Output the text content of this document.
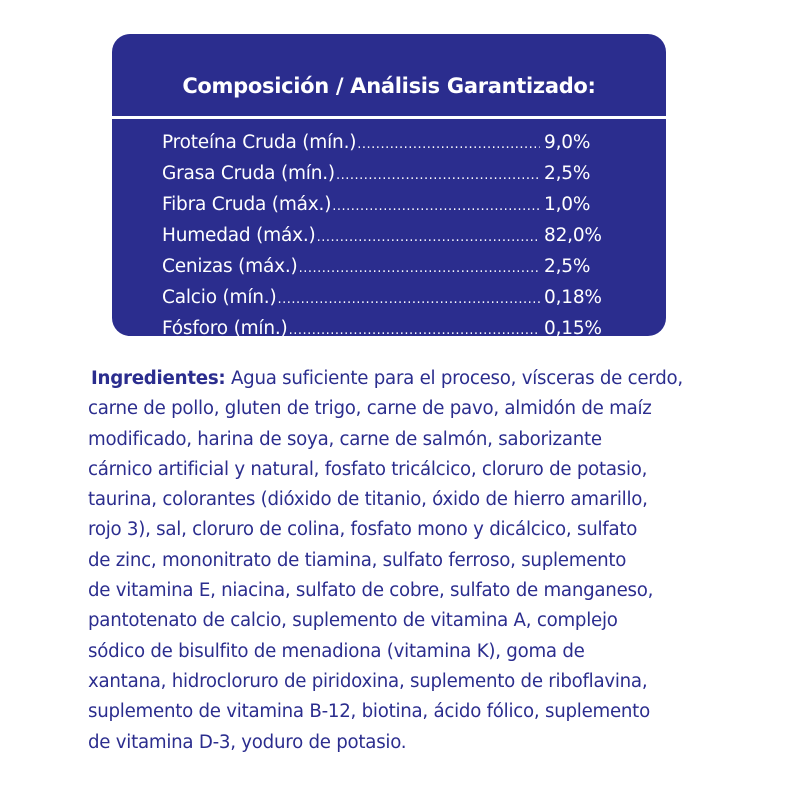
Composición / Análisis Garantizado:
Proteína Cruda (mín.) .....	9,0%
Grasa Cruda (mín.) .....	2,5%
Fibra Cruda (máx.) .....	1,0%
Humedad (máx.) .....	82,0%
Cenizas (máx.) .....	2,5%
Calcio (mín.) .....	0,18%
Fósforo (mín.) .....	0,15%
Ingredientes: Agua suficiente para el proceso, vísceras de cerdo,
carne de pollo, gluten de trigo, carne de pavo, almidón de maíz
modificado, harina de soya, carne de salmón, saborizante
cárnico artificial y natural, fosfato tricálcico, cloruro de potasio,
taurina, colorantes (dióxido de titanio, óxido de hierro amarillo,
rojo 3), sal, cloruro de colina, fosfato mono y dicálcico, sulfato
de zinc, mononitrato de tiamina, sulfato ferroso, suplemento
de vitamina E, niacina, sulfato de cobre, sulfato de manganeso,
pantotenato de calcio, suplemento de vitamina A, complejo
sódico de bisulfito de menadiona (vitamina K), goma de
xantana, hidrocloruro de piridoxina, suplemento de riboflavina,
suplemento de vitamina B-12, biotina, ácido fólico, suplemento
de vitamina D-3, yoduro de potasio.
